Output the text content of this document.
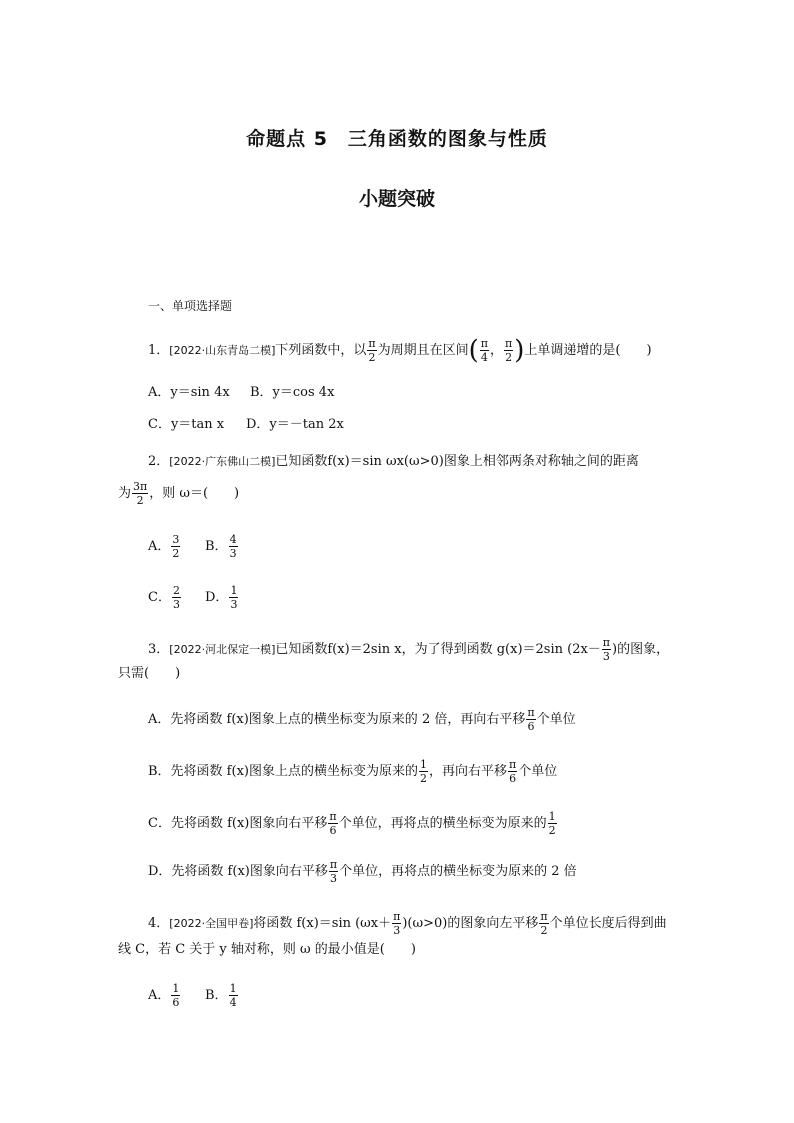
命题点 5　三角函数的图象与性质
小题突破
一、单项选择题
1．[2022·山东青岛二模]下列函数中，以 $\frac{\pi}{2}$ 为周期且在区间( $\frac{\pi}{4}$ ， $\frac{\pi}{2}$ )上单调递增的是(　　)
A．y＝sin 4x B．y＝cos 4x
C．y＝tan x D．y＝－tan 2x
2．[2022·广东佛山二模]已知函数f(x)＝sin ωx(ω>0)图象上相邻两条对称轴之间的距离
为 $\frac{3\pi}{2}$ ，则 ω＝(　　)
A． $\frac{3}{2}$ B． $\frac{4}{3}$
C． $\frac{2}{3}$ D． $\frac{1}{3}$
3．[2022·河北保定一模]已知函数f(x)＝2sin x，为了得到函数 g(x)＝2sin ($2x- \frac{\pi}{3}$ )的图象，
只需(　　)
A．先将函数 f(x)图象上点的横坐标变为原来的 2 倍，再向右平移 $\frac{\pi}{6}$ 个单位
B．先将函数 f(x)图象上点的横坐标变为原来的 $\frac{1}{2}$ ，再向右平移 $\frac{\pi}{6}$ 个单位
C．先将函数 f(x)图象向右平移 $\frac{\pi}{6}$ 个单位，再将点的横坐标变为原来的 $\frac{1}{2}$
D．先将函数 f(x)图象向右平移 $\frac{\pi}{3}$ 个单位，再将点的横坐标变为原来的 2 倍
4．[2022·全国甲卷]将函数 f(x)＝sin $(\omega x+ \frac{\pi}{3} )(\omega>0)$的图象向左平移 $\frac{\pi}{2}$ 个单位长度后得到曲
线 C，若 C 关于 y 轴对称，则 ω 的最小值是(　　)
A． $\frac{1}{6}$ B． $\frac{1}{4}$
